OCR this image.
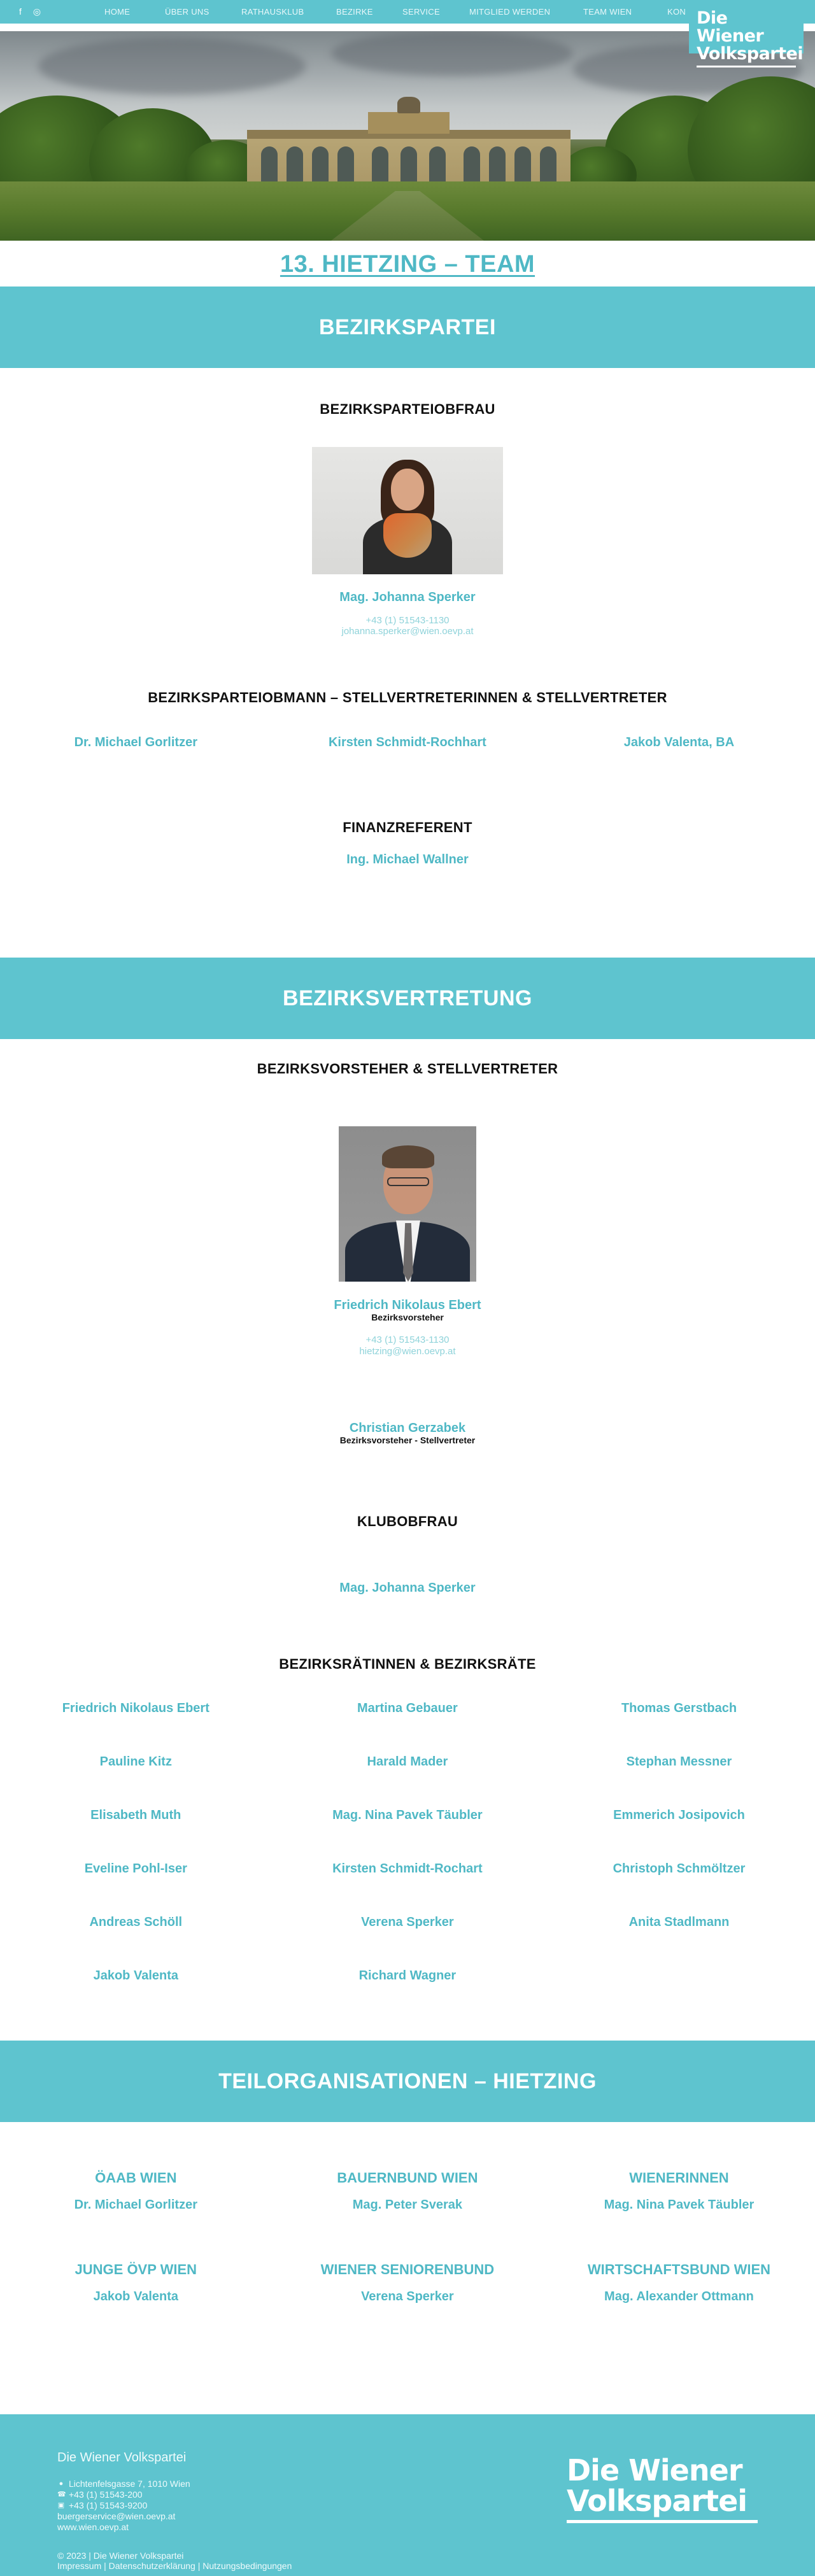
f ◎	HOME	ÜBER UNS	RATHAUSKLUB	BEZIRKE	SERVICE	MITGLIED WERDEN	TEAM WIEN	KON Die Wiener
Volkspartei
13. HIETZING – TEAM
BEZIRKSPARTEI
BEZIRKSPARTEIOBFRAU
Mag. Johanna Sperker
+43 (1) 51543-1130
johanna.sperker@wien.oevp.at
BEZIRKSPARTEIOBMANN – STELLVERTRETERINNEN & STELLVERTRETER
Dr. Michael Gorlitzer	Kirsten Schmidt-Rochhart	Jakob Valenta, BA
FINANZREFERENT
Ing. Michael Wallner
BEZIRKSVERTRETUNG
BEZIRKSVORSTEHER & STELLVERTRETER
Friedrich Nikolaus Ebert
Bezirksvorsteher
+43 (1) 51543-1130
hietzing@wien.oevp.at
Christian Gerzabek
Bezirksvorsteher - Stellvertreter
KLUBOBFRAU
Mag. Johanna Sperker
BEZIRKSRÄTINNEN & BEZIRKSRÄTE
Friedrich Nikolaus Ebert	Martina Gebauer	Thomas Gerstbach
Pauline Kitz	Harald Mader	Stephan Messner
Elisabeth Muth	Mag. Nina Pavek Täubler	Emmerich Josipovich
Eveline Pohl-Iser	Kirsten Schmidt-Rochart	Christoph Schmöltzer
Andreas Schöll	Verena Sperker	Anita Stadlmann
Jakob Valenta	Richard Wagner
TEILORGANISATIONEN – HIETZING
ÖAAB WIEN
Dr. Michael Gorlitzer
BAUERNBUND WIEN
Mag. Peter Sverak
WIENERINNEN
Mag. Nina Pavek Täubler
JUNGE ÖVP WIEN
Jakob Valenta
WIENER SENIORENBUND
Verena Sperker
WIRTSCHAFTSBUND WIEN
Mag. Alexander Ottmann
Die Wiener Volkspartei
● Lichtenfelsgasse 7, 1010 Wien
☎ +43 (1) 51543-200
▣ +43 (1) 51543-9200
buergerservice@wien.oevp.at
www.wien.oevp.at
© 2023 | Die Wiener Volkspartei
Impressum | Datenschutzerklärung | Nutzungsbedingungen
Die Wiener
Volkspartei
